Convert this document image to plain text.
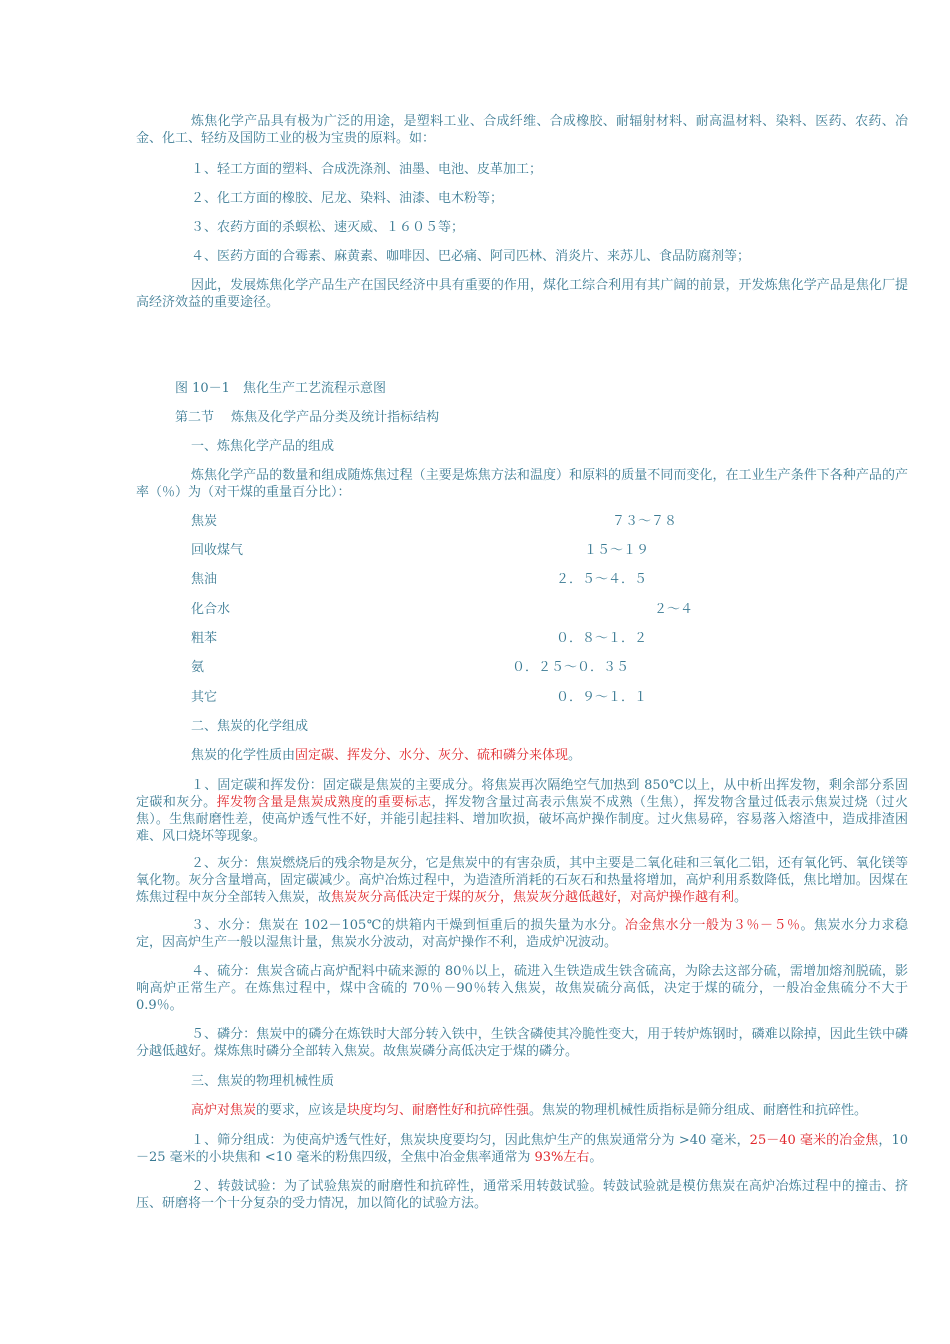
炼焦化学产品具有极为广泛的用途，是塑料工业、合成纤维、合成橡胶、耐辐射材料、耐高温材料、染料、医药、农药、冶金、化工、轻纺及国防工业的极为宝贵的原料。如：
１、轻工方面的塑料、合成洗涤剂、油墨、电池、皮革加工；
２、化工方面的橡胶、尼龙、染料、油漆、电木粉等；
３、农药方面的杀螟松、速灭威、１６０５等；
４、医药方面的合霉素、麻黄素、咖啡因、巴必痛、阿司匹林、消炎片、来苏儿、食品防腐剂等；
因此，发展炼焦化学产品生产在国民经济中具有重要的作用，煤化工综合利用有其广阔的前景，开发炼焦化学产品是焦化厂提高经济效益的重要途径。
图 10－1　焦化生产工艺流程示意图
第二节　 炼焦及化学产品分类及统计指标结构
一、炼焦化学产品的组成
炼焦化学产品的数量和组成随炼焦过程（主要是炼焦方法和温度）和原料的质量不同而变化，在工业生产条件下各种产品的产率（％）为（对干煤的重量百分比）：
焦炭	７３～７８
回收煤气	１５～１９
焦油	２．５～４．５
化合水	２～４
粗苯	０．８～１．２
氨	０．２５～０．３５
其它	０．９～１．１
二、焦炭的化学组成
焦炭的化学性质由固定碳、挥发分、水分、灰分、硫和磷分来体现。
１、固定碳和挥发份：固定碳是焦炭的主要成分。将焦炭再次隔绝空气加热到 850℃以上，从中析出挥发物，剩余部分系固定碳和灰分。挥发物含量是焦炭成熟度的重要标志，挥发物含量过高表示焦炭不成熟（生焦），挥发物含量过低表示焦炭过烧（过火焦）。生焦耐磨性差，使高炉透气性不好，并能引起挂料、增加吹损，破坏高炉操作制度。过火焦易碎，容易落入熔渣中，造成排渣困难、风口烧坏等现象。
２、灰分：焦炭燃烧后的残余物是灰分，它是焦炭中的有害杂质，其中主要是二氧化硅和三氧化二铝，还有氧化钙、氧化镁等氧化物。灰分含量增高，固定碳减少。高炉冶炼过程中，为造渣所消耗的石灰石和热量将增加，高炉利用系数降低，焦比增加。因煤在炼焦过程中灰分全部转入焦炭，故焦炭灰分高低决定于煤的灰分，焦炭灰分越低越好，对高炉操作越有利。
３、水分：焦炭在 102－105℃的烘箱内干燥到恒重后的损失量为水分。冶金焦水分一般为３％－５％。焦炭水分力求稳定，因高炉生产一般以湿焦计量，焦炭水分波动，对高炉操作不利，造成炉况波动。
４、硫分：焦炭含硫占高炉配料中硫来源的 80％以上，硫进入生铁造成生铁含硫高，为除去这部分硫，需增加熔剂脱硫，影响高炉正常生产。在炼焦过程中，煤中含硫的 70％－90％转入焦炭，故焦炭硫分高低，决定于煤的硫分，一般冶金焦硫分不大于 0.9％。
５、磷分：焦炭中的磷分在炼铁时大部分转入铁中，生铁含磷使其冷脆性变大，用于转炉炼钢时，磷难以除掉，因此生铁中磷分越低越好。煤炼焦时磷分全部转入焦炭。故焦炭磷分高低决定于煤的磷分。
三、焦炭的物理机械性质
高炉对焦炭的要求，应该是块度均匀、耐磨性好和抗碎性强。焦炭的物理机械性质指标是筛分组成、耐磨性和抗碎性。
１、筛分组成：为使高炉透气性好，焦炭块度要均匀，因此焦炉生产的焦炭通常分为 >40 毫米，25－40 毫米的冶金焦，10－25 毫米的小块焦和 <10 毫米的粉焦四级，全焦中冶金焦率通常为 93%左右。
２、转鼓试验：为了试验焦炭的耐磨性和抗碎性，通常采用转鼓试验。转鼓试验就是模仿焦炭在高炉冶炼过程中的撞击、挤压、研磨将一个十分复杂的受力情况，加以简化的试验方法。
